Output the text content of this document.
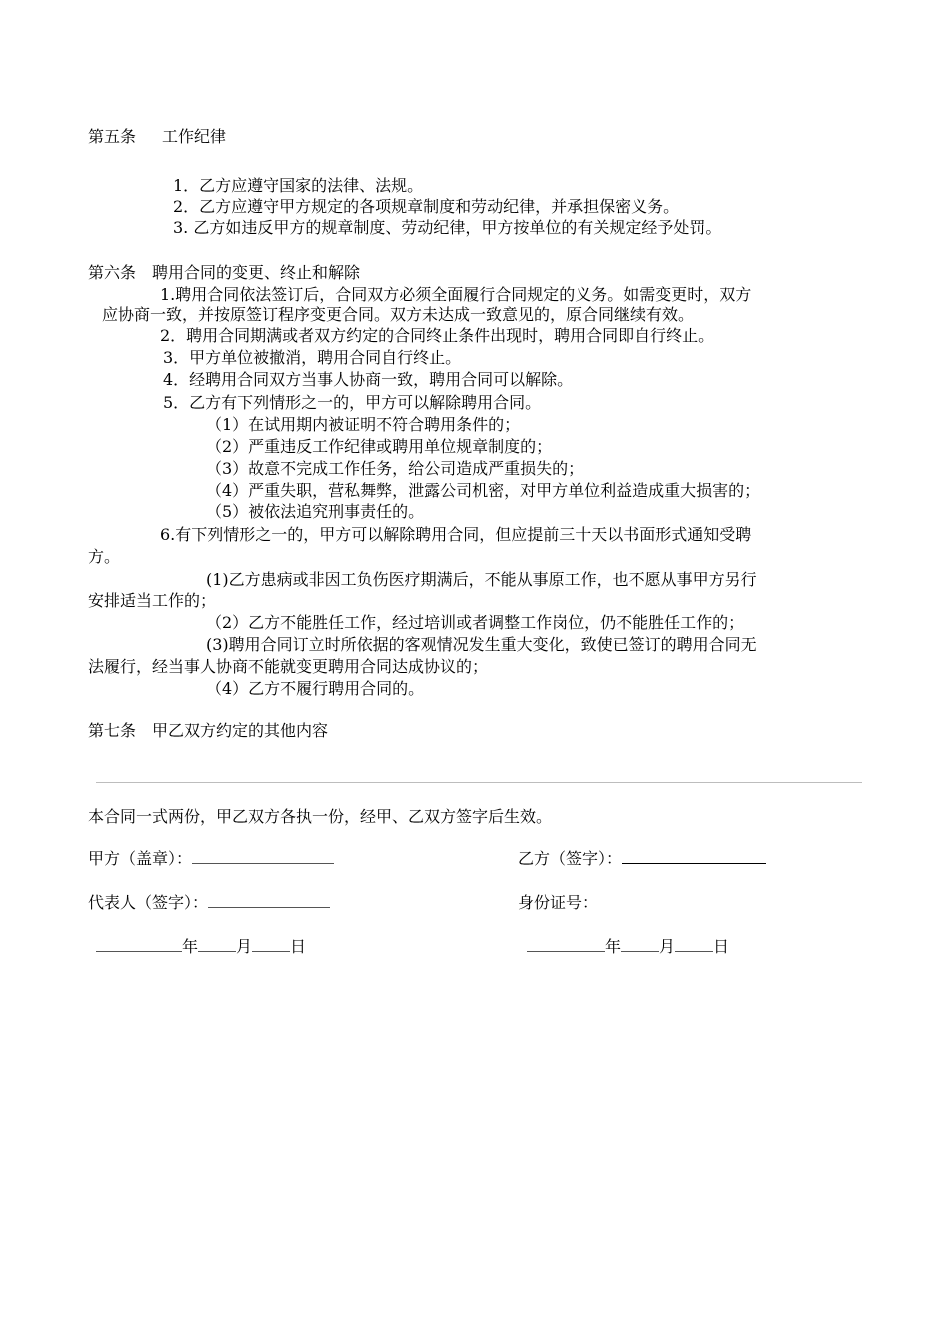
第五条 工作纪律
1．乙方应遵守国家的法律、法规。
2．乙方应遵守甲方规定的各项规章制度和劳动纪律，并承担保密义务。
3. 乙方如违反甲方的规章制度、劳动纪律，甲方按单位的有关规定经予处罚。
第六条 聘用合同的变更、终止和解除
1.聘用合同依法签订后，合同双方必须全面履行合同规定的义务。如需变更时，双方
应协商一致，并按原签订程序变更合同。双方未达成一致意见的，原合同继续有效。
2．聘用合同期满或者双方约定的合同终止条件出现时，聘用合同即自行终止。
3．甲方单位被撤消，聘用合同自行终止。
4．经聘用合同双方当事人协商一致，聘用合同可以解除。
5．乙方有下列情形之一的，甲方可以解除聘用合同。
（1）在试用期内被证明不符合聘用条件的；
（2）严重违反工作纪律或聘用单位规章制度的；
（3）故意不完成工作任务，给公司造成严重损失的；
（4）严重失职，营私舞弊，泄露公司机密，对甲方单位利益造成重大损害的；
（5）被依法追究刑事责任的。
6.有下列情形之一的，甲方可以解除聘用合同，但应提前三十天以书面形式通知受聘
方。
(1)乙方患病或非因工负伤医疗期满后，不能从事原工作，也不愿从事甲方另行
安排适当工作的；
（2）乙方不能胜任工作，经过培训或者调整工作岗位，仍不能胜任工作的；
(3)聘用合同订立时所依据的客观情况发生重大变化，致使已签订的聘用合同无
法履行，经当事人协商不能就变更聘用合同达成协议的；
（4）乙方不履行聘用合同的。
第七条 甲乙双方约定的其他内容
本合同一式两份，甲乙双方各执一份，经甲、乙双方签字后生效。
甲方（盖章）：	乙方（签字）：
代表人（签字）：	身份证号：
年 月 日	年 月 日
